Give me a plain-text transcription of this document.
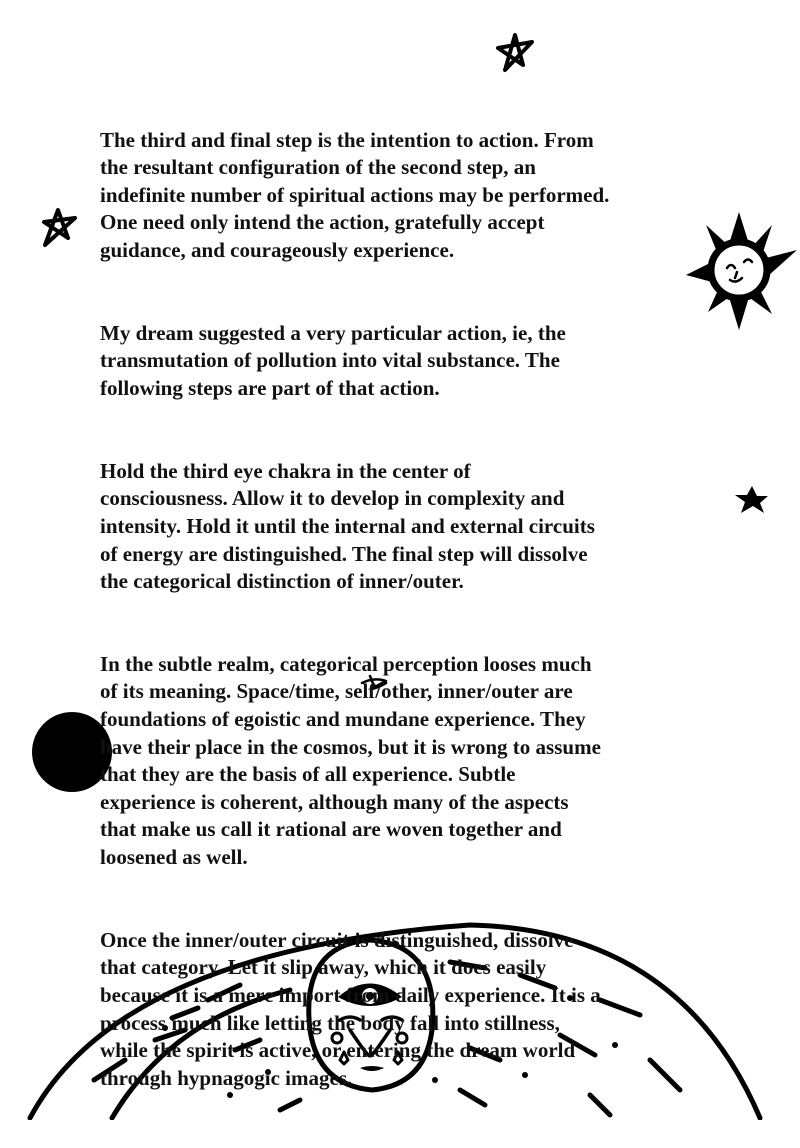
The third and final step is the intention to action. From
the resultant configuration of the second step, an
indefinite number of spiritual actions may be performed.
One need only intend the action, gratefully accept
guidance, and courageously experience.

My dream suggested a very particular action, ie, the
transmutation of pollution into vital substance. The
following steps are part of that action.

Hold the third eye chakra in the center of
consciousness. Allow it to develop in complexity and
intensity. Hold it until the internal and external circuits
of energy are distinguished. The final step will dissolve
the categorical distinction of inner/outer.

In the subtle realm, categorical perception looses much
of its meaning. Space/time, self/other, inner/outer are
foundations of egoistic and mundane experience. They
have their place in the cosmos, but it is wrong to assume
that they are the basis of all experience. Subtle
experience is coherent, although many of the aspects
that make us call it rational are woven together and
loosened as well.

Once the inner/outer circuit is distinguished, dissolve
that category. Let it slip away, which it does easily
because it is a mere import from daily experience. It is a
process much like letting the body fall into stillness,
while the spirit is active, or entering the dream world
through hypnagogic images.
